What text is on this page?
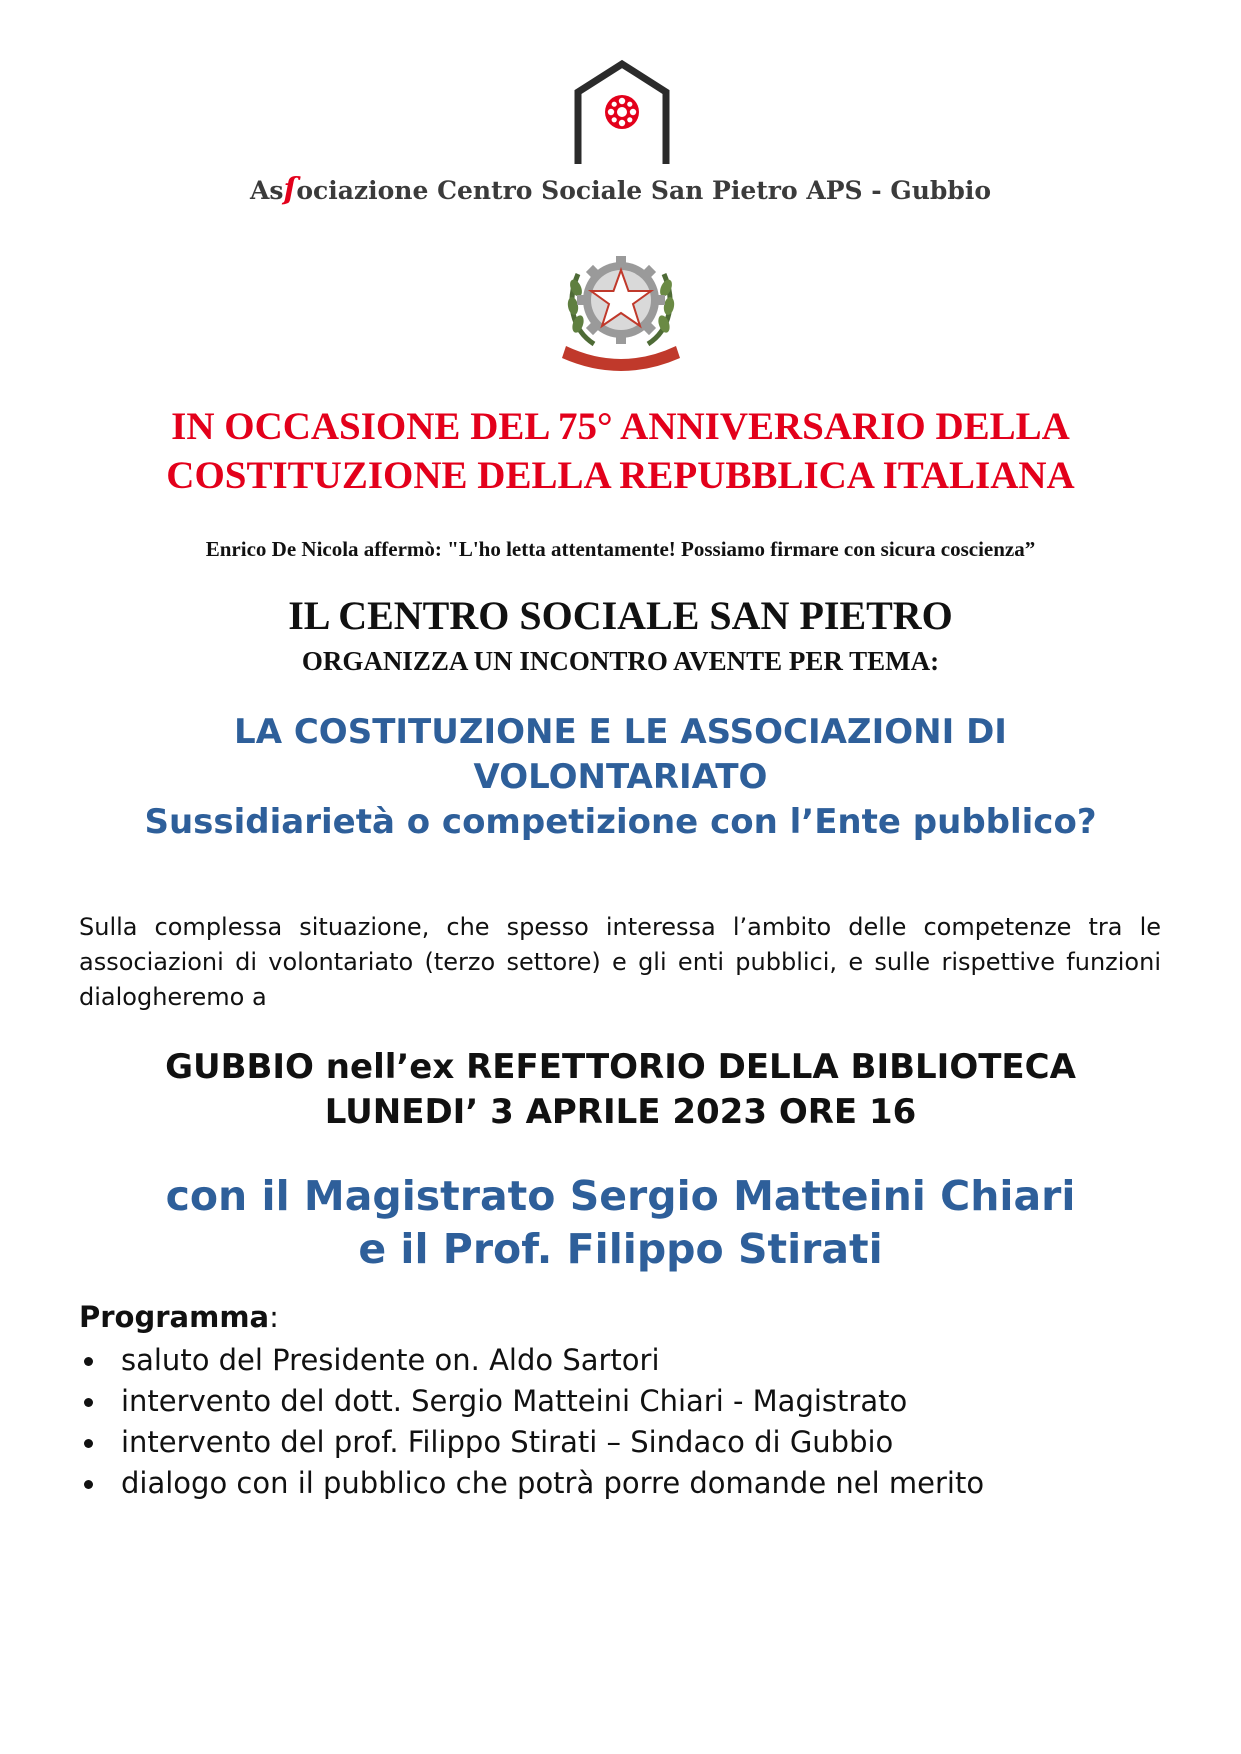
Asſociazione Centro Sociale San Pietro APS - Gubbio
IN OCCASIONE DEL 75° ANNIVERSARIO DELLA
COSTITUZIONE DELLA REPUBBLICA ITALIANA
Enrico De Nicola affermò: "L'ho letta attentamente! Possiamo firmare con sicura coscienza”
IL CENTRO SOCIALE SAN PIETRO
ORGANIZZA UN INCONTRO AVENTE PER TEMA:
LA COSTITUZIONE E LE ASSOCIAZIONI DI
VOLONTARIATO
Sussidiarietà o competizione con l’Ente pubblico?
Sulla complessa situazione, che spesso interessa l’ambito delle competenze tra le associazioni di volontariato (terzo settore) e gli enti pubblici, e sulle rispettive funzioni dialogheremo a
GUBBIO nell’ex REFETTORIO DELLA BIBLIOTECA
LUNEDI’ 3 APRILE 2023 ORE 16
con il Magistrato Sergio Matteini Chiari
e il Prof. Filippo Stirati
Programma:
saluto del Presidente on. Aldo Sartori
intervento del dott. Sergio Matteini Chiari - Magistrato
intervento del prof. Filippo Stirati – Sindaco di Gubbio
dialogo con il pubblico che potrà porre domande nel merito
